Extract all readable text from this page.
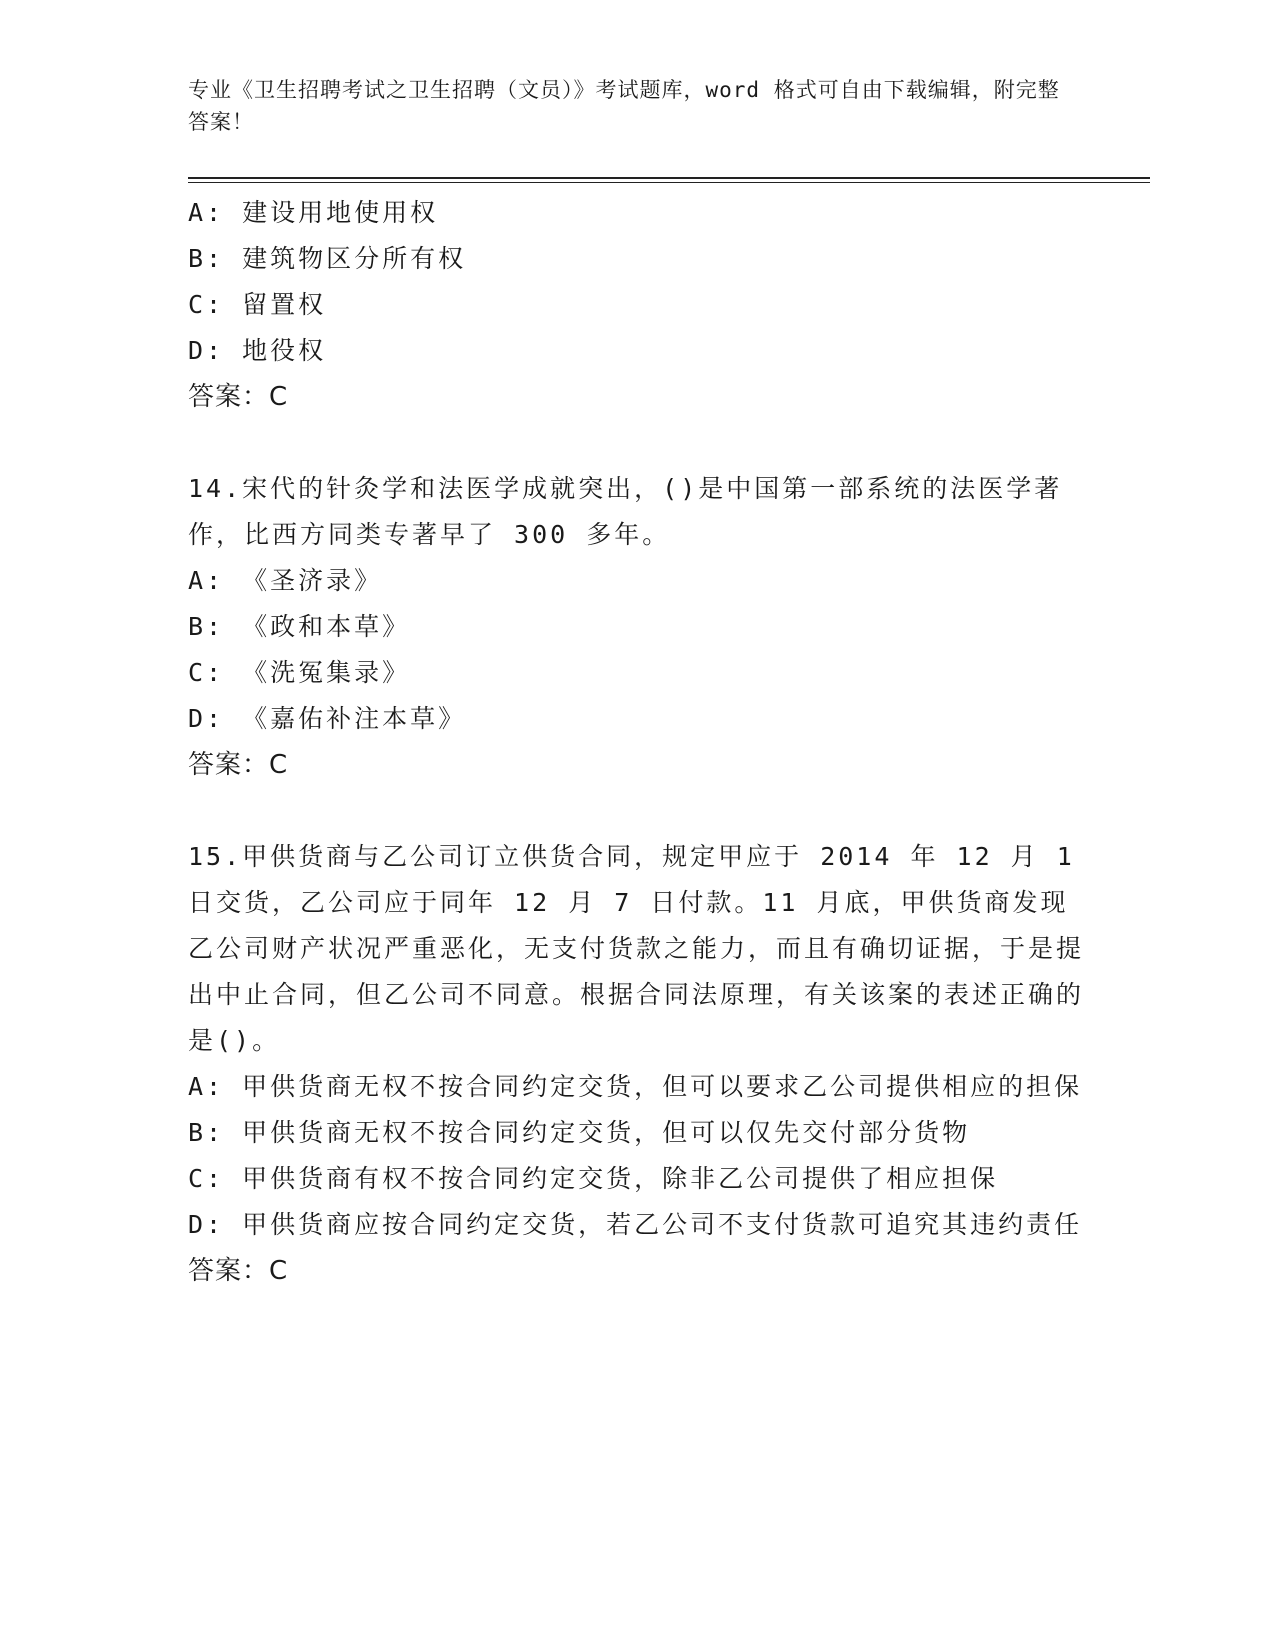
专业《卫生招聘考试之卫生招聘（文员）》考试题库，word 格式可自由下载编辑，附完整答案！

A: 建设用地使用权

B: 建筑物区分所有权

C: 留置权

D: 地役权

答案：C

14.宋代的针灸学和法医学成就突出，()是中国第一部系统的法医学著作，比西方同类专著早了 300 多年。

A: 《圣济录》

B: 《政和本草》

C: 《洗冤集录》

D: 《嘉佑补注本草》

答案：C

15.甲供货商与乙公司订立供货合同，规定甲应于 2014 年 12 月 1 日交货，乙公司应于同年 12 月 7 日付款。11 月底，甲供货商发现乙公司财产状况严重恶化，无支付货款之能力，而且有确切证据，于是提出中止合同，但乙公司不同意。根据合同法原理，有关该案的表述正确的是()。

A: 甲供货商无权不按合同约定交货，但可以要求乙公司提供相应的担保

B: 甲供货商无权不按合同约定交货，但可以仅先交付部分货物

C: 甲供货商有权不按合同约定交货，除非乙公司提供了相应担保

D: 甲供货商应按合同约定交货，若乙公司不支付货款可追究其违约责任

答案：C
